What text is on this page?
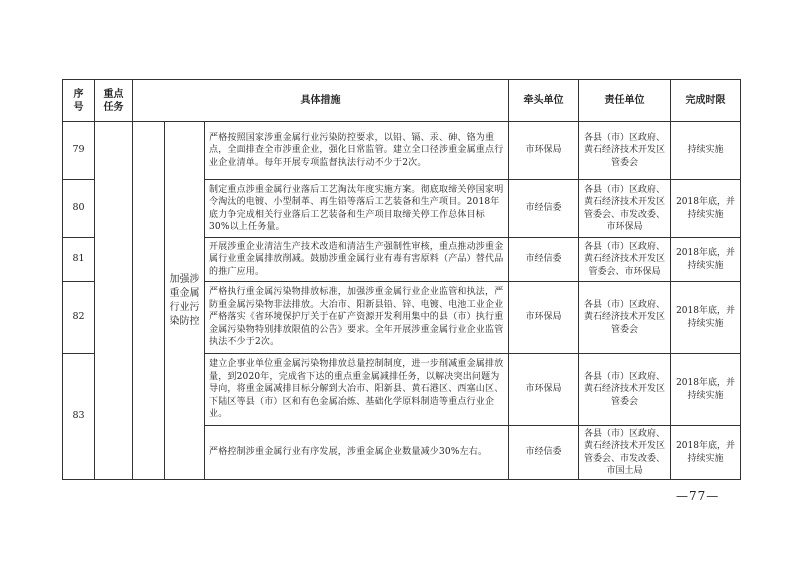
序号	重点任务	具体措施			牵头单位	责任单位	完成时限
79			加强涉重金属行业污染防控	严格按照国家涉重金属行业污染防控要求，以铅、镉、汞、砷、铬为重点，全面排查全市涉重企业，强化日常监管。建立全口径涉重金属重点行业企业清单。每年开展专项监督执法行动不少于2次。	市环保局	各县（市）区政府、黄石经济技术开发区管委会	持续实施
80				制定重点涉重金属行业落后工艺淘汰年度实施方案。彻底取缔关停国家明令淘汰的电镀、小型制革、再生铅等落后工艺装备和生产项目。2018年底力争完成相关行业落后工艺装备和生产项目取缔关停工作总体目标30%以上任务量。	市经信委	各县（市）区政府、黄石经济技术开发区管委会、市发改委、市环保局	2018年底，并持续实施
81				开展涉重企业清洁生产技术改造和清洁生产强制性审核，重点推动涉重金属行业重金属排放削减。鼓励涉重金属行业有毒有害原料（产品）替代品的推广应用。	市经信委	各县（市）区政府、黄石经济技术开发区管委会、市环保局	2018年底，并持续实施
82				严格执行重金属污染物排放标准，加强涉重金属行业企业监管和执法，严防重金属污染物非法排放。大冶市、阳新县铅、锌、电镀、电池工业企业严格落实《省环境保护厅关于在矿产资源开发利用集中的县（市）执行重金属污染物特别排放限值的公告》要求。全年开展涉重金属行业企业监管执法不少于2次。	市环保局	各县（市）区政府、黄石经济技术开发区管委会	2018年底，并持续实施
83				建立企事业单位重金属污染物排放总量控制制度，进一步削减重金属排放量，到2020年，完成省下达的重点重金属减排任务，以解决突出问题为导向，将重金属减排目标分解到大冶市、阳新县、黄石港区、西塞山区、下陆区等县（市）区和有色金属冶炼、基础化学原料制造等重点行业企业。	市环保局	各县（市）区政府、黄石经济技术开发区管委会	2018年底，并持续实施
				严格控制涉重金属行业有序发展，涉重金属企业数量减少30%左右。	市经信委	各县（市）区政府、黄石经济技术开发区管委会、市发改委、市国土局	2018年底，并持续实施
—77—
